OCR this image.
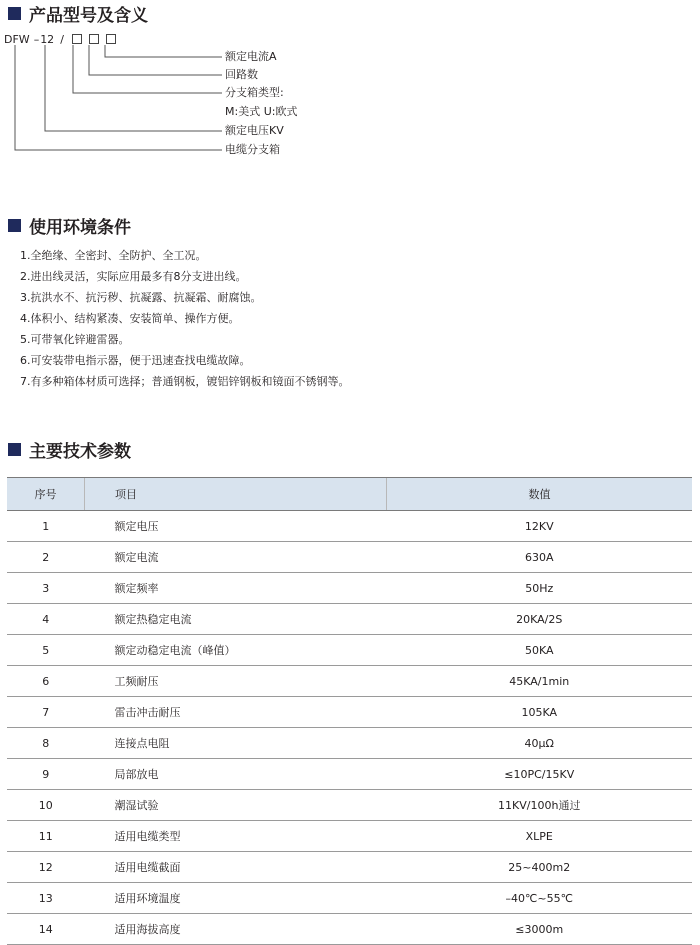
产品型号及含义
DFW – 12 /
额定电流A
回路数
分支箱类型:
M:美式 U:欧式
额定电压KV
电缆分支箱
使用环境条件
1.全绝缘、全密封、全防护、全工况。
2.进出线灵活，实际应用最多有8分支进出线。
3.抗洪水不、抗污秽、抗凝露、抗凝霜、耐腐蚀。
4.体积小、结构紧凑、安装简单、操作方便。
5.可带氧化锌避雷器。
6.可安装带电指示器，便于迅速查找电缆故障。
7.有多种箱体材质可选择；普通钢板，镀铝锌钢板和镜面不锈钢等。
主要技术参数
序号	项目	数值
1	额定电压	12KV
2	额定电流	630A
3	额定频率	50Hz
4	额定热稳定电流	20KA/2S
5	额定动稳定电流（峰值）	50KA
6	工频耐压	45KA/1min
7	雷击冲击耐压	105KA
8	连接点电阻	40μΩ
9	局部放电	≤10PC/15KV
10	潮湿试验	11KV/100h通过
11	适用电缆类型	XLPE
12	适用电缆截面	25~400m2
13	适用环境温度	–40℃~55℃
14	适用海拔高度	≤3000m
